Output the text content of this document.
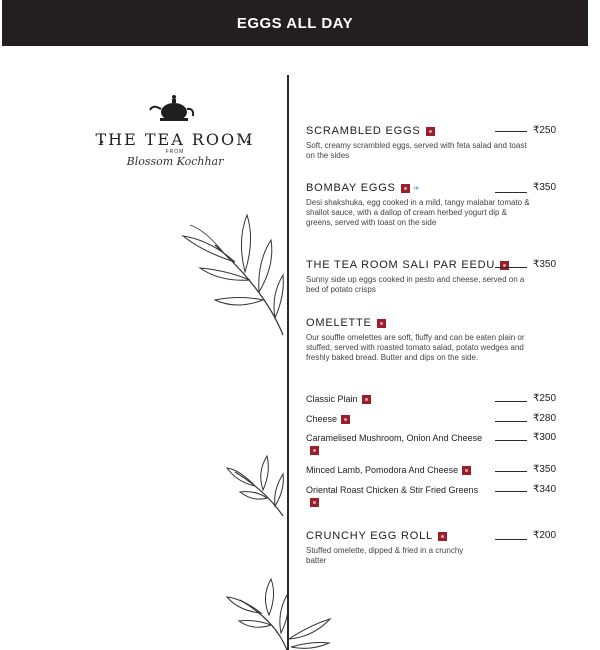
EGGS ALL DAY
THE TEA ROOM
FROM
Blossom Kochhar
SCRAMBLED EGGS
Soft, creamy scrambled eggs, served with feta salad and toast on the sides
₹250
BOMBAY EGGS ❧
Desi shakshuka, egg cooked in a mild, tangy malabar tomato & shallot sauce, with a dallop of cream herbed yogurt dip & greens, served with toast on the side
₹350
THE TEA ROOM SALI PAR EEDU
Sunny side up eggs cooked in pesto and cheese, served on a bed of potato crisps
₹350
OMELETTE
Our souffle omelettes are soft, fluffy and can be eaten plain or stuffed, served with roasted tomato salad, potato wedges and freshly baked bread. Butter and dips on the side.
Classic Plain	₹250
Cheese	₹280
Caramelised Mushroom, Onion And Cheese	₹300
Minced Lamb, Pomodora And Cheese	₹350
Oriental Roast Chicken & Stir Fried Greens	₹340
CRUNCHY EGG ROLL
Stuffed omelette, dipped & fried in a crunchy batter
₹200
